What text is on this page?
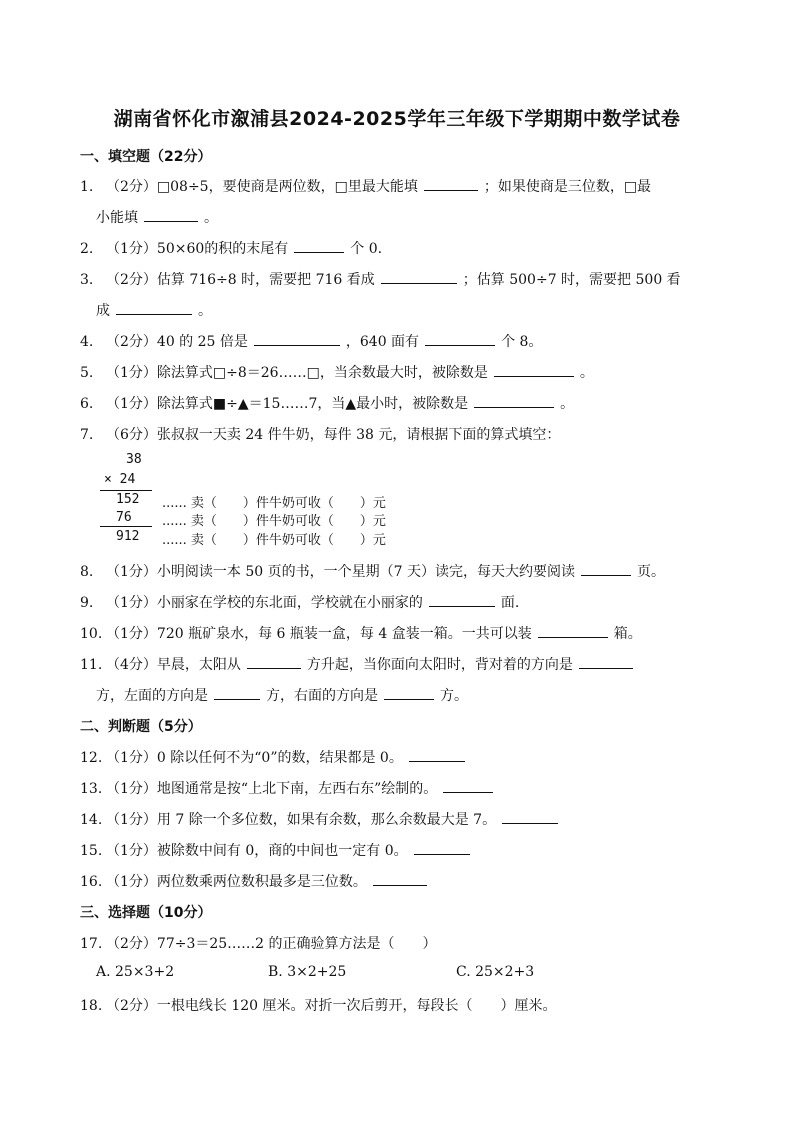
湖南省怀化市溆浦县2024-2025学年三年级下学期期中数学试卷
一、填空题（22分）
1. （2分）□08÷5，要使商是两位数，□里最大能填	；如果使商是三位数，□最
小能填	。
2. （1分）50×60的积的末尾有	个 0.
3. （2分）估算 716÷8 时，需要把 716 看成	；估算 500÷7 时，需要把 500 看
成	。
4. （2分）40 的 25 倍是	，640 面有	个 8。
5. （1分）除法算式□÷8＝26……□，当余数最大时，被除数是	。
6. （1分）除法算式■÷▲＝15……7，当▲最小时，被除数是	。
7. （6分）张叔叔一天卖 24 件牛奶，每件 38 元，请根据下面的算式填空：
38
× 24
152 ...... 卖（　　）件牛奶可收（　　）元
76 ...... 卖（　　）件牛奶可收（　　）元
912 ...... 卖（　　）件牛奶可收（　　）元
8. （1分）小明阅读一本 50 页的书，一个星期（7 天）读完，每天大约要阅读	页。
9. （1分）小丽家在学校的东北面，学校就在小丽家的	面.
10. （1分）720 瓶矿泉水，每 6 瓶装一盒，每 4 盒装一箱。一共可以装	箱。
11. （4分）早晨，太阳从	方升起，当你面向太阳时，背对着的方向是
方，左面的方向是	方，右面的方向是	方。
二、判断题（5分）
12. （1分）0 除以任何不为“0”的数，结果都是 0。
13. （1分）地图通常是按“上北下南，左西右东”绘制的。
14. （1分）用 7 除一个多位数，如果有余数，那么余数最大是 7。
15. （1分）被除数中间有 0，商的中间也一定有 0。
16. （1分）两位数乘两位数积最多是三位数。
三、选择题（10分）
17. （2分）77÷3＝25……2 的正确验算方法是（　　）
A. 25×3+2	B. 3×2+25	C. 25×2+3
18. （2分）一根电线长 120 厘米。对折一次后剪开，每段长（　　）厘米。
